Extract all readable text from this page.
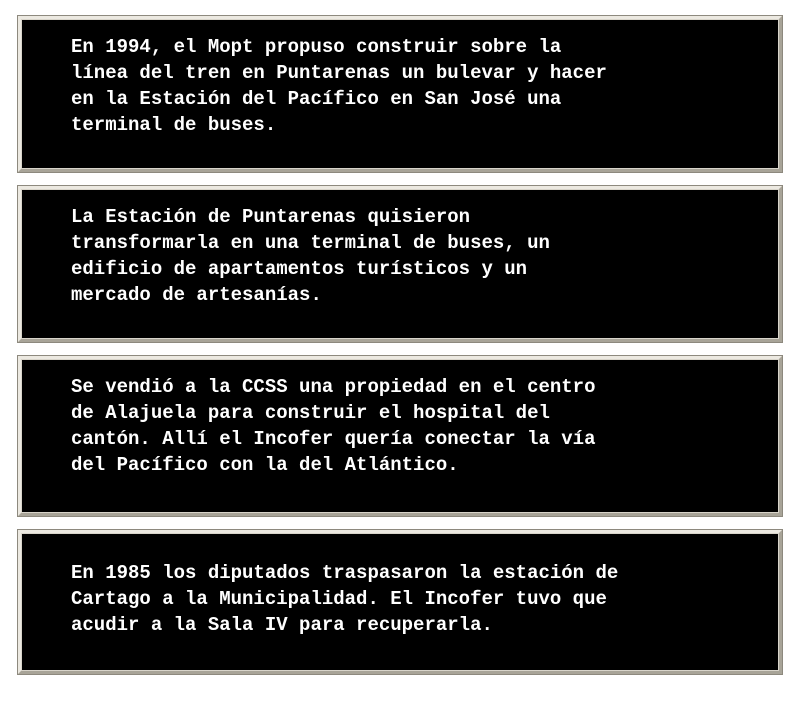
En 1994, el Mopt propuso construir sobre la
línea del tren en Puntarenas un bulevar y hacer
en la Estación del Pacífico en San José una
terminal de buses.

La Estación de Puntarenas quisieron
transformarla en una terminal de buses, un
edificio de apartamentos turísticos y un
mercado de artesanías.

Se vendió a la CCSS una propiedad en el centro
de Alajuela para construir el hospital del
cantón. Allí el Incofer quería conectar la vía
del Pacífico con la del Atlántico.

En 1985 los diputados traspasaron la estación de
Cartago a la Municipalidad. El Incofer tuvo que
acudir a la Sala IV para recuperarla.
